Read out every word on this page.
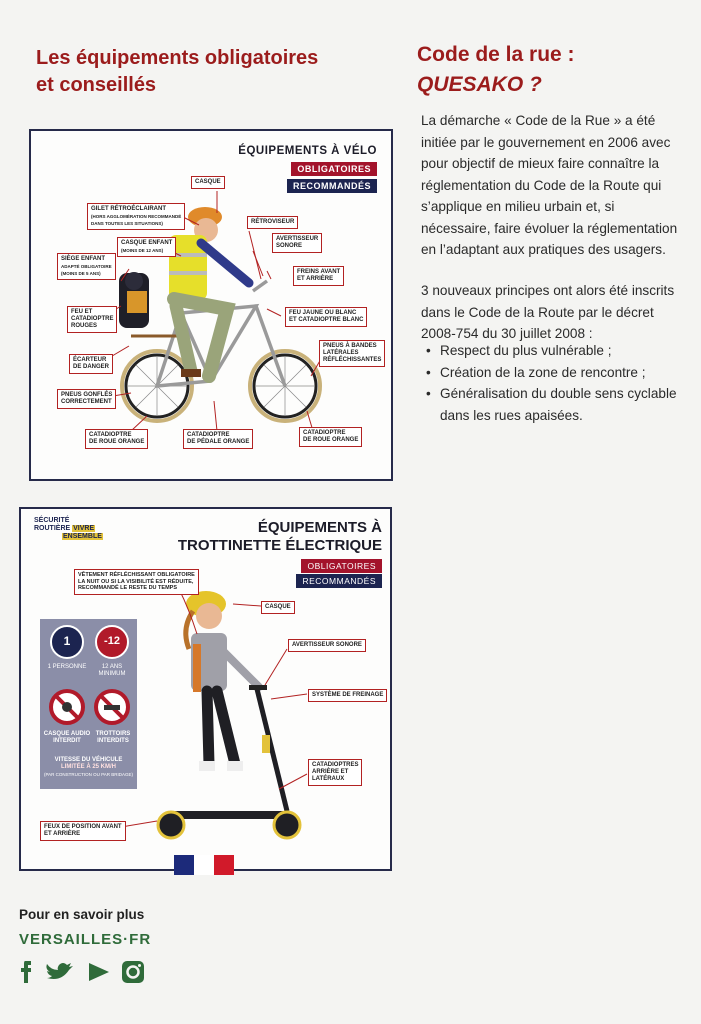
Les équipements obligatoires
et conseillés
Code de la rue :
QUESAKO ?
La démarche « Code de la Rue » a été initiée par le gouvernement en 2006 avec pour objectif de mieux faire connaître la réglementation du Code de la Route qui s’applique en milieu urbain et, si nécessaire, faire évoluer la réglementation en l’adaptant aux pratiques des usagers.
3 nouveaux principes ont alors été inscrits dans le Code de la Route par le décret 2008-754 du 30 juillet 2008 :
• Respect du plus vulnérable ;
• Création de la zone de rencontre ;
• Généralisation du double sens cyclable dans les rues apaisées.
ÉQUIPEMENTS À VÉLO
OBLIGATOIRES
RECOMMANDÉS
CASQUE
GILET RÉTROÉCLAIRANT
(HORS AGGLOMÉRATION RECOMMANDÉ
DANS TOUTES LES SITUATIONS)
CASQUE ENFANT
(MOINS DE 12 ANS)
SIÈGE ENFANT
ADAPTÉ OBLIGATOIRE
(MOINS DE 5 ANS)
FEU ET
CATADIOPTRE
ROUGES
ÉCARTEUR
DE DANGER
PNEUS GONFLÉS
CORRECTEMENT
RÉTROVISEUR
AVERTISSEUR
SONORE
FREINS AVANT
ET ARRIÈRE
FEU JAUNE OU BLANC
ET CATADIOPTRE BLANC
PNEUS À BANDES
LATÉRALES
RÉFLÉCHISSANTES
CATADIOPTRE
DE ROUE ORANGE
CATADIOPTRE
DE PÉDALE ORANGE
CATADIOPTRE
DE ROUE ORANGE
SÉCURITÉ
ROUTIÈRE VIVRE
ENSEMBLE
ÉQUIPEMENTS À
TROTTINETTE ÉLECTRIQUE
OBLIGATOIRES
RECOMMANDÉS
1	-12
1 PERSONNE	12 ANS
MINIMUM
CASQUE AUDIO
INTERDIT
TROTTOIRS
INTERDITS
VITESSE DU VÉHICULE
LIMITÉE À 25 KM/H
(PAR CONSTRUCTION OU PAR BRIDAGE)
VÊTEMENT RÉFLÉCHISSANT OBLIGATOIRE
LA NUIT OU SI LA VISIBILITÉ EST RÉDUITE,
RECOMMANDÉ LE RESTE DU TEMPS
CASQUE
AVERTISSEUR SONORE
SYSTÈME DE FREINAGE
CATADIOPTRES
ARRIÈRE ET
LATÉRAUX
FEUX DE POSITION AVANT
ET ARRIÈRE
Pour en savoir plus
VERSAILLES·FR
